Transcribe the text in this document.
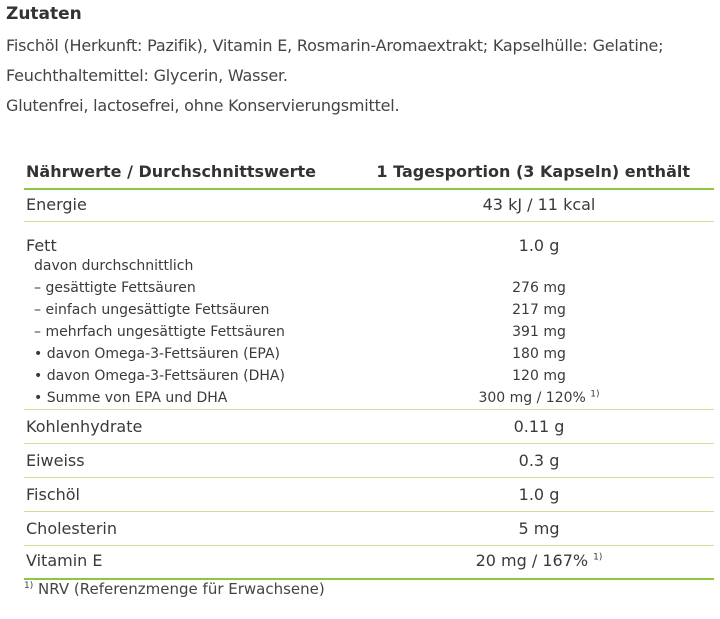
Zutaten
Fischöl (Herkunft: Pazifik), Vitamin E, Rosmarin-Aromaextrakt; Kapselhülle: Gelatine;
Feuchthaltemittel: Glycerin, Wasser.
Glutenfrei, lactosefrei, ohne Konservierungsmittel.
Nährwerte / Durchschnittswerte	1 Tagesportion (3 Kapseln) enthält
Energie	43 kJ / 11 kcal
Fett	1.0 g
davon durchschnittlich
– gesättigte Fettsäuren	276 mg
– einfach ungesättigte Fettsäuren	217 mg
– mehrfach ungesättigte Fettsäuren	391 mg
• davon Omega-3-Fettsäuren (EPA)	180 mg
• davon Omega-3-Fettsäuren (DHA)	120 mg
• Summe von EPA und DHA	300 mg / 120% $^{1)}$
Kohlenhydrate	0.11 g
Eiweiss	0.3 g
Fischöl	1.0 g
Cholesterin	5 mg
Vitamin E	20 mg / 167% $^{1)}$
$^{1)}$ NRV (Referenzmenge für Erwachsene)
